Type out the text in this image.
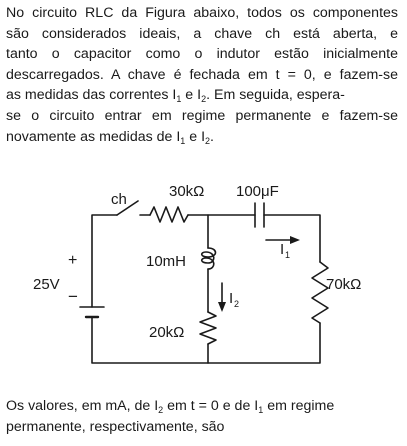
No circuito RLC da Figura abaixo, todos os componentes
são considerados ideais, a chave ch está aberta, e
tanto o capacitor como o indutor estão inicialmente
descarregados. A chave é fechada em t = 0, e fazem-se
as medidas das correntes $I_1$ e $I_2$. Em seguida, espera-
se o circuito entrar em regime permanente e fazem-se
novamente as medidas de $I_1$ e $I_2$.
ch	30kΩ 100μF
10mH
20kΩ
70kΩ
25V
+
−
I 1
I 2
Os valores, em mA, de $I_2$ em t = 0 e de $I_1$ em regime
permanente, respectivamente, são
